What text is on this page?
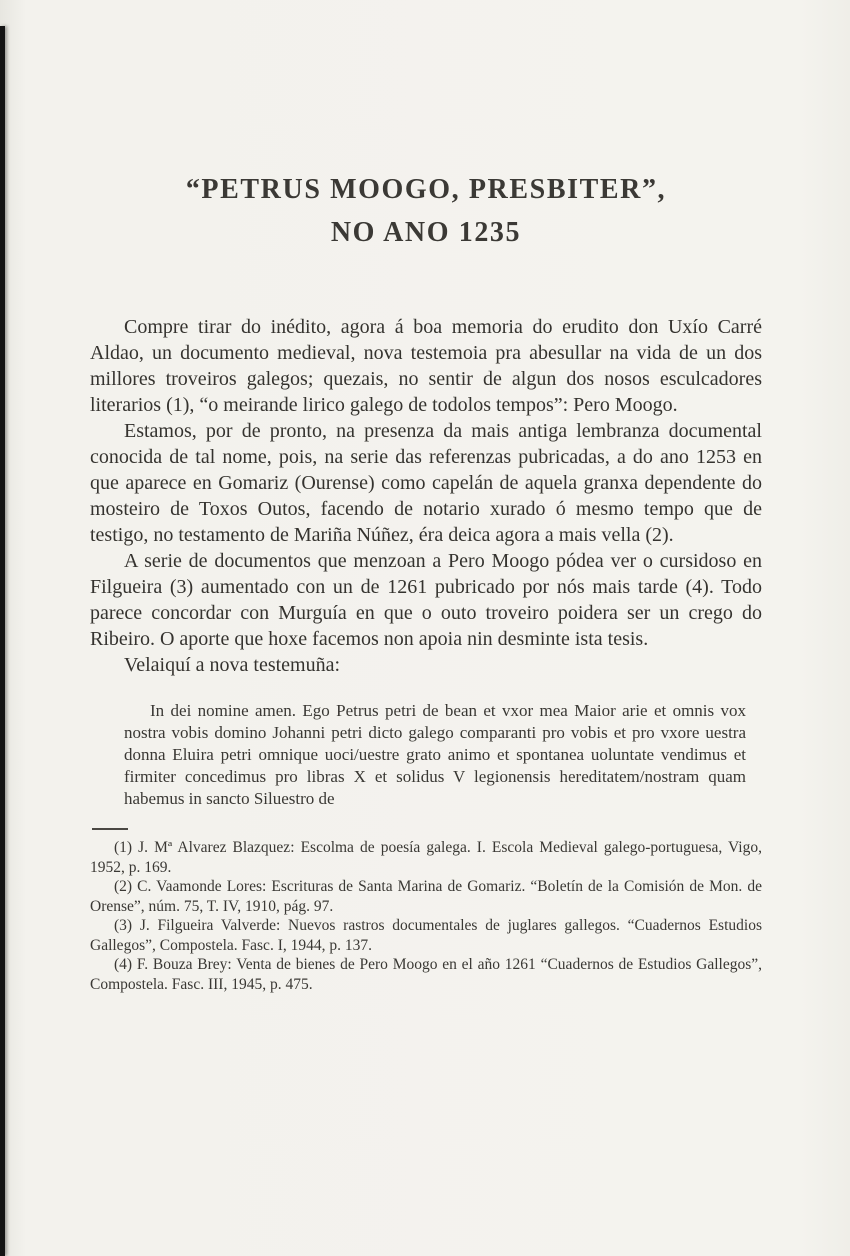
“PETRUS MOOGO, PRESBITER”,
NO ANO 1235

Compre tirar do inédito, agora á boa memoria do erudito don Uxío Carré Aldao, un documento medieval, nova testemoia pra abesullar na vida de un dos millores troveiros galegos; quezais, no sentir de algun dos nosos esculcadores literarios (1), “o meirande lirico galego de todolos tempos”: Pero Moogo.

Estamos, por de pronto, na presenza da mais antiga lembranza documental conocida de tal nome, pois, na serie das referenzas pubricadas, a do ano 1253 en que aparece en Gomariz (Ourense) como capelán de aquela granxa dependente do mosteiro de Toxos Outos, facendo de notario xurado ó mesmo tempo que de testigo, no testamento de Mariña Núñez, éra deica agora a mais vella (2).

A serie de documentos que menzoan a Pero Moogo pódea ver o cursidoso en Filgueira (3) aumentado con un de 1261 pubricado por nós mais tarde (4). Todo parece concordar con Murguía en que o outo troveiro poidera ser un crego do Ribeiro. O aporte que hoxe facemos non apoia nin desminte ista tesis.

Velaiquí a nova testemuña:

In dei nomine amen. Ego Petrus petri de bean et vxor mea Maior arie et omnis vox nostra vobis domino Johanni petri dicto galego comparanti pro vobis et pro vxore uestra donna Eluira petri omnique uoci/uestre grato animo et spontanea uoluntate vendimus et firmiter concedimus pro libras X et solidus V legionensis hereditatem/nostram quam habemus in sancto Siluestro de

(1) J. Mª Alvarez Blazquez: Escolma de poesía galega. I. Escola Medieval galego-portuguesa, Vigo, 1952, p. 169.

(2) C. Vaamonde Lores: Escrituras de Santa Marina de Gomariz. “Boletín de la Comisión de Mon. de Orense”, núm. 75, T. IV, 1910, pág. 97.

(3) J. Filgueira Valverde: Nuevos rastros documentales de juglares gallegos. “Cuadernos Estudios Gallegos”, Compostela. Fasc. I, 1944, p. 137.

(4) F. Bouza Brey: Venta de bienes de Pero Moogo en el año 1261 “Cuadernos de Estudios Gallegos”, Compostela. Fasc. III, 1945, p. 475.
